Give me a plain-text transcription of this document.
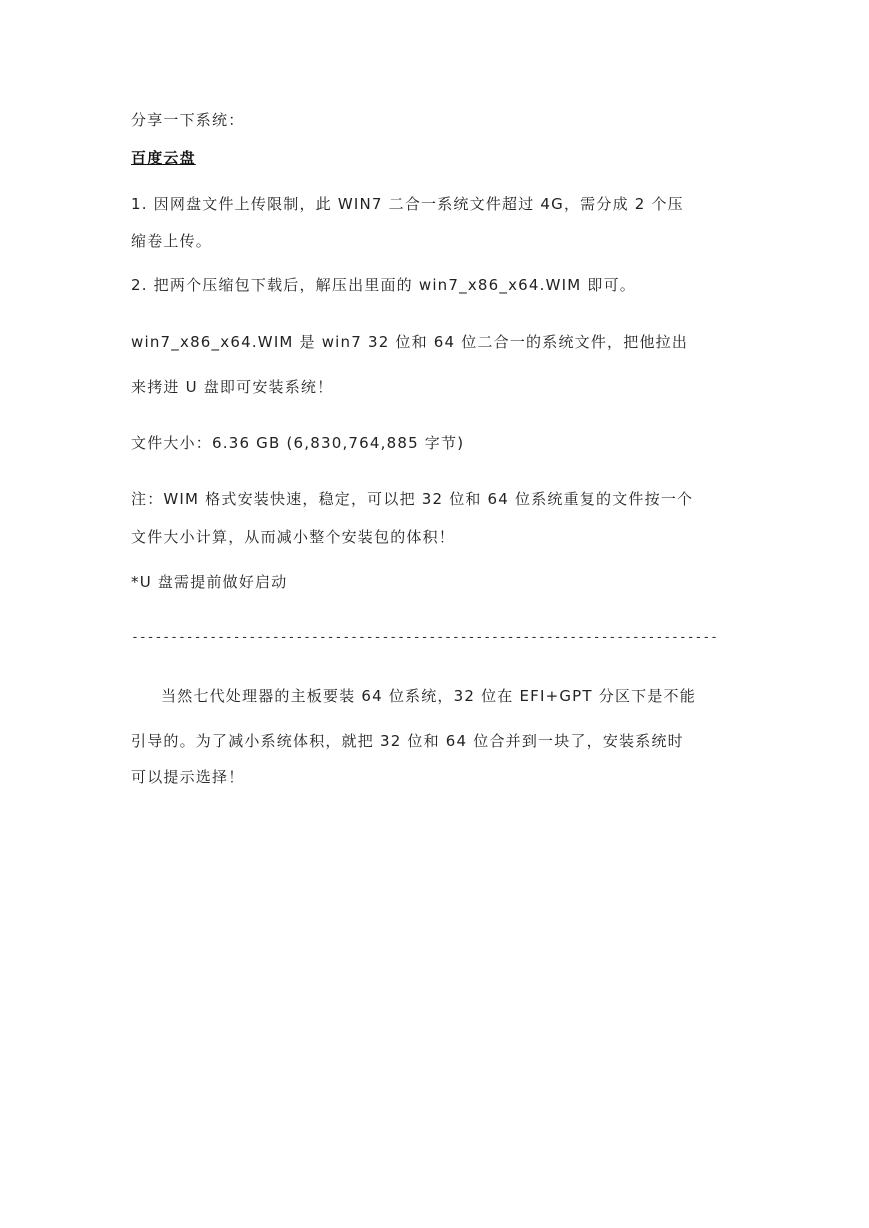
分享一下系统：
百度云盘
1. 因网盘文件上传限制，此 WIN7 二合一系统文件超过 4G，需分成 2 个压
缩卷上传。
2. 把两个压缩包下载后，解压出里面的 win7_x86_x64.WIM 即可。
win7_x86_x64.WIM 是 win7 32 位和 64 位二合一的系统文件，把他拉出
来拷进 U 盘即可安装系统！
文件大小：6.36 GB (6,830,764,885 字节)
注：WIM 格式安装快速，稳定，可以把 32 位和 64 位系统重复的文件按一个
文件大小计算，从而减小整个安装包的体积！
*U 盘需提前做好启动
---------------------------------------------------------------------------
当然七代处理器的主板要装 64 位系统，32 位在 EFI+GPT 分区下是不能
引导的。为了减小系统体积，就把 32 位和 64 位合并到一块了，安装系统时
可以提示选择！
